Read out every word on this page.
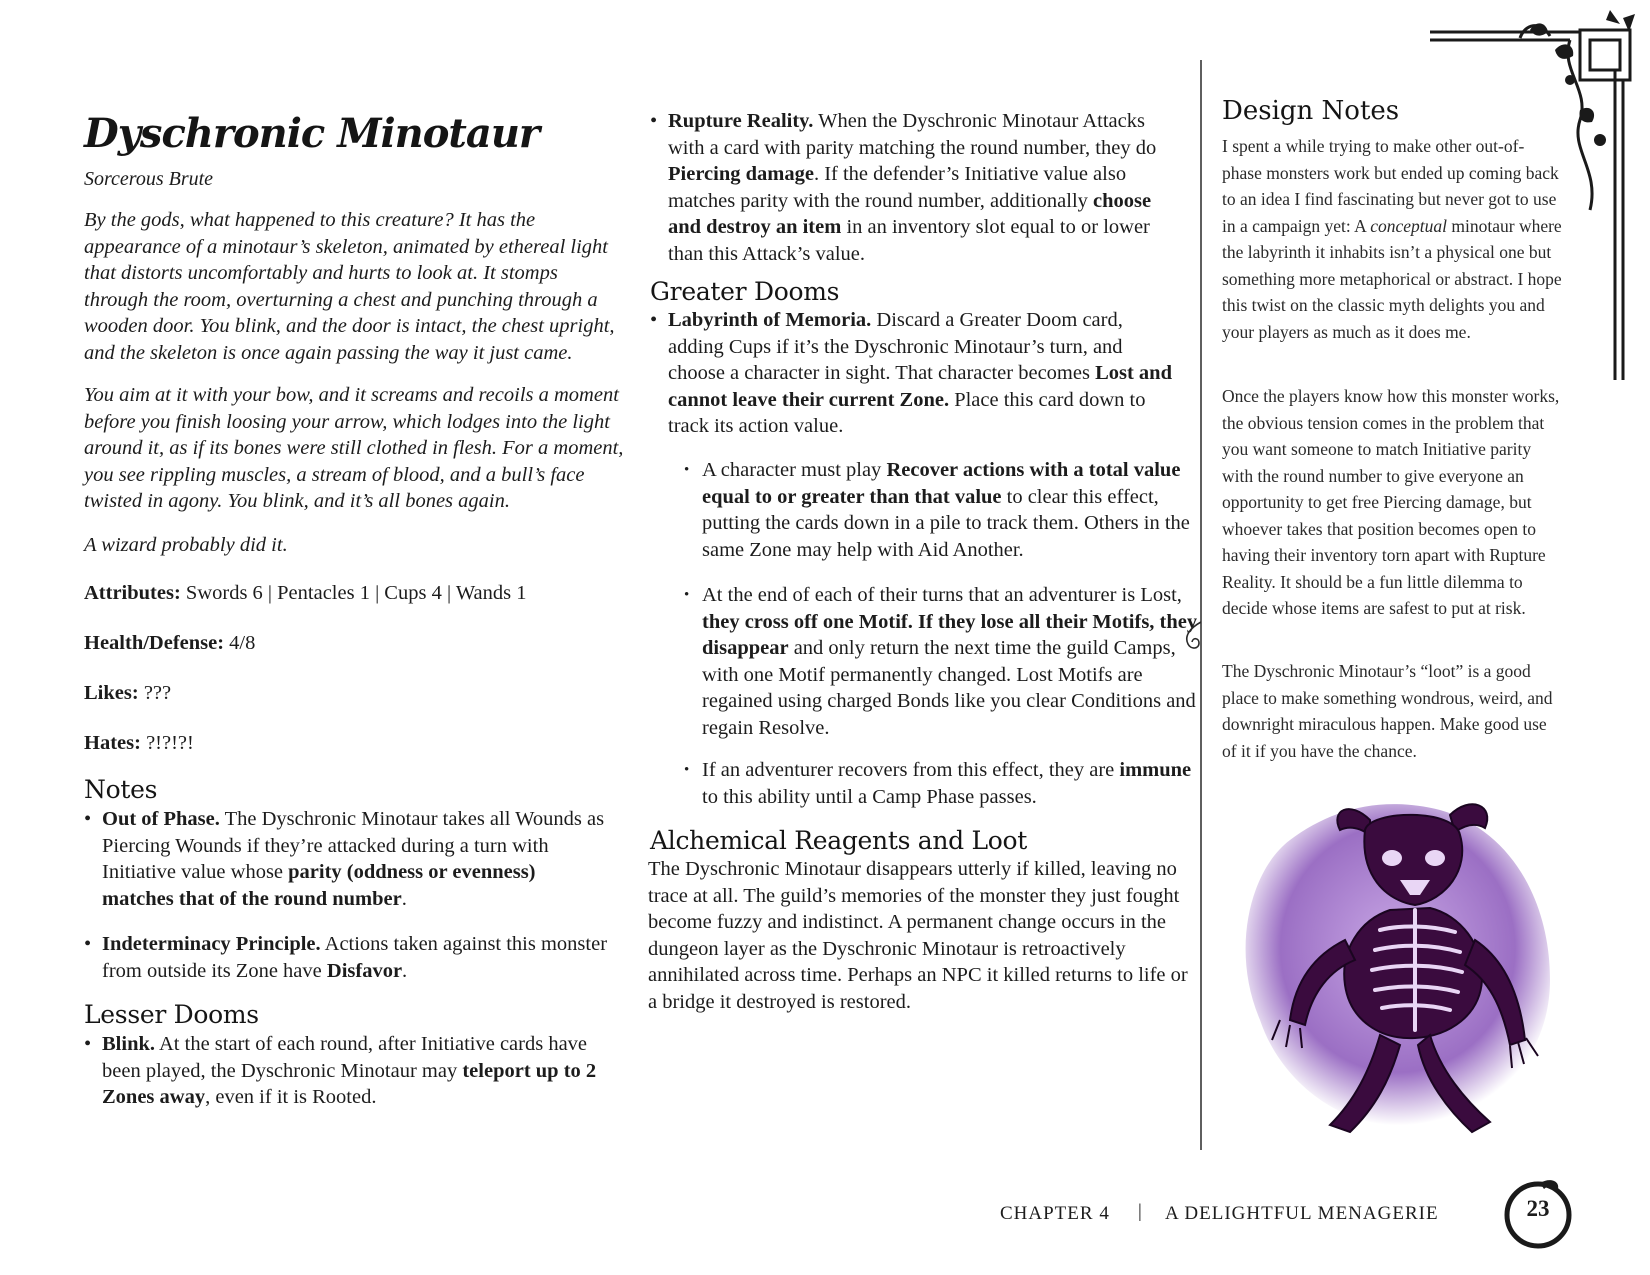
Dyschronic Minotaur
Sorcerous Brute
By the gods, what happened to this creature? It has the appearance of a minotaur’s skeleton, animated by ethereal light that distorts uncomfortably and hurts to look at. It stomps through the room, overturning a chest and punching through a wooden door. You blink, and the door is intact, the chest upright, and the skeleton is once again passing the way it just came.
You aim at it with your bow, and it screams and recoils a moment before you finish loosing your arrow, which lodges into the light around it, as if its bones were still clothed in flesh. For a moment, you see rippling muscles, a stream of blood, and a bull’s face twisted in agony. You blink, and it’s all bones again.
A wizard probably did it.
Attributes: Swords 6 | Pentacles 1 | Cups 4 | Wands 1
Health/Defense: 4/8
Likes: ???
Hates: ?!?!?!
Notes
• Out of Phase. The Dyschronic Minotaur takes all Wounds as Piercing Wounds if they’re attacked during a turn with Initiative value whose parity (oddness or evenness) matches that of the round number.
• Indeterminacy Principle. Actions taken against this monster from outside its Zone have Disfavor.
Lesser Dooms
• Blink. At the start of each round, after Initiative cards have been played, the Dyschronic Minotaur may teleport up to 2 Zones away, even if it is Rooted.
• Rupture Reality. When the Dyschronic Minotaur Attacks with a card with parity matching the round number, they do Piercing damage. If the defender’s Initiative value also matches parity with the round number, additionally choose and destroy an item in an inventory slot equal to or lower than this Attack’s value.
Greater Dooms
• Labyrinth of Memoria. Discard a Greater Doom card, adding Cups if it’s the Dyschronic Minotaur’s turn, and choose a character in sight. That character becomes Lost and cannot leave their current Zone. Place this card down to track its action value.
• A character must play Recover actions with a total value equal to or greater than that value to clear this effect, putting the cards down in a pile to track them. Others in the same Zone may help with Aid Another.
• At the end of each of their turns that an adventurer is Lost, they cross off one Motif. If they lose all their Motifs, they disappear and only return the next time the guild Camps, with one Motif permanently changed. Lost Motifs are regained using charged Bonds like you clear Conditions and regain Resolve.
• If an adventurer recovers from this effect, they are immune to this ability until a Camp Phase passes.
Alchemical Reagents and Loot
The Dyschronic Minotaur disappears utterly if killed, leaving no trace at all. The guild’s memories of the monster they just fought become fuzzy and indistinct. A permanent change occurs in the dungeon layer as the Dyschronic Minotaur is retroactively annihilated across time. Perhaps an NPC it killed returns to life or a bridge it destroyed is restored.
Design Notes
I spent a while trying to make other out-of-phase monsters work but ended up coming back to an idea I find fascinating but never got to use in a campaign yet: A conceptual minotaur where the labyrinth it inhabits isn’t a physical one but something more metaphorical or abstract. I hope this twist on the classic myth delights you and your players as much as it does me.
Once the players know how this monster works, the obvious tension comes in the problem that you want someone to match Initiative parity with the round number to give everyone an opportunity to get free Piercing damage, but whoever takes that position becomes open to having their inventory torn apart with Rupture Reality. It should be a fun little dilemma to decide whose items are safest to put at risk.
The Dyschronic Minotaur’s “loot” is a good place to make something wondrous, weird, and downright miraculous happen. Make good use of it if you have the chance.
CHAPTER 4 | A DELIGHTFUL MENAGERIE	23
